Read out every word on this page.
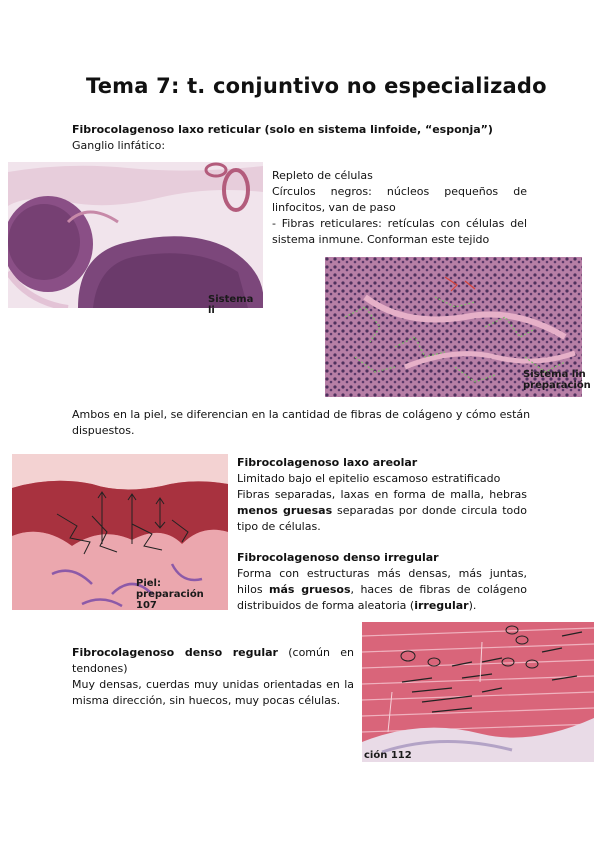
Tema 7: t. conjuntivo no especializado
Fibrocolagenoso laxo reticular (solo en sistema linfoide, “esponja”)
Ganglio linfático:
Sistema li
Repleto de células
Círculos negros: núcleos pequeños de linfocitos, van de paso
- Fibras reticulares: retículas con células del sistema inmune. Conforman este tejido
Sistema lin
preparación
Ambos en la piel, se diferencian en la cantidad de fibras de colágeno y cómo están dispuestos.
Piel:
preparación 107
Fibrocolagenoso laxo areolar
Limitado bajo el epitelio escamoso estratificado
Fibras separadas, laxas en forma de malla, hebras menos gruesas separadas por donde circula todo tipo de células.
Fibrocolagenoso denso irregular
Forma con estructuras más densas, más juntas, hilos más gruesos, haces de fibras de colágeno distribuidos de forma aleatoria (irregular).
Fibrocolagenoso denso regular (común en tendones)
Muy densas, cuerdas muy unidas orientadas en la misma dirección, sin huecos, muy pocas células.
ción 112
